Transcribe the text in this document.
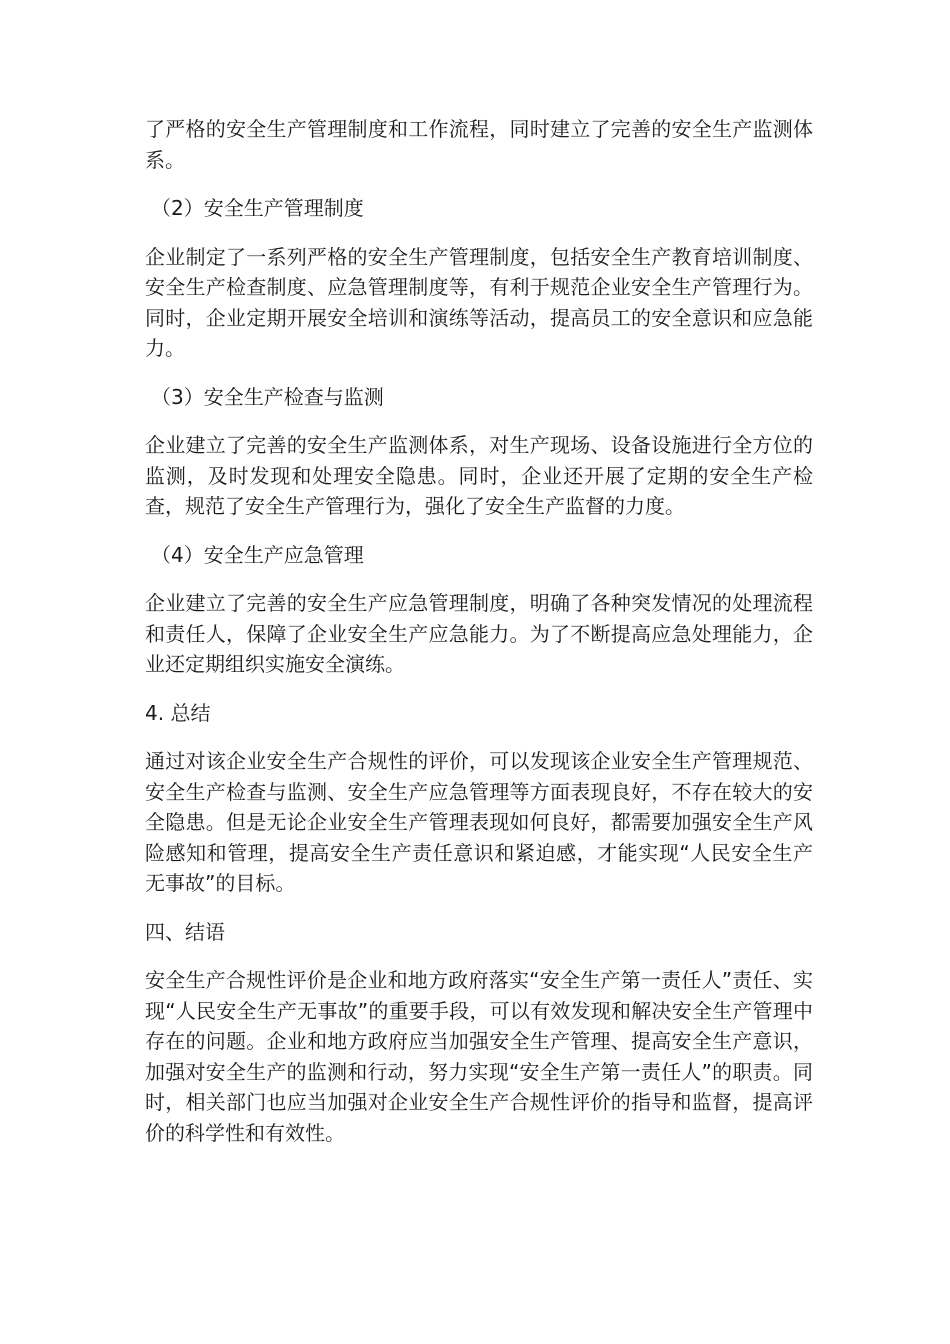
了严格的安全生产管理制度和工作流程，同时建立了完善的安全生产监测体系。

（2）安全生产管理制度

企业制定了一系列严格的安全生产管理制度，包括安全生产教育培训制度、安全生产检查制度、应急管理制度等，有利于规范企业安全生产管理行为。同时，企业定期开展安全培训和演练等活动，提高员工的安全意识和应急能力。

（3）安全生产检查与监测

企业建立了完善的安全生产监测体系，对生产现场、设备设施进行全方位的监测，及时发现和处理安全隐患。同时，企业还开展了定期的安全生产检查，规范了安全生产管理行为，强化了安全生产监督的力度。

（4）安全生产应急管理

企业建立了完善的安全生产应急管理制度，明确了各种突发情况的处理流程和责任人，保障了企业安全生产应急能力。为了不断提高应急处理能力，企业还定期组织实施安全演练。

4. 总结

通过对该企业安全生产合规性的评价，可以发现该企业安全生产管理规范、安全生产检查与监测、安全生产应急管理等方面表现良好，不存在较大的安全隐患。但是无论企业安全生产管理表现如何良好，都需要加强安全生产风险感知和管理，提高安全生产责任意识和紧迫感，才能实现“人民安全生产无事故”的目标。

四、结语

安全生产合规性评价是企业和地方政府落实“安全生产第一责任人”责任、实现“人民安全生产无事故”的重要手段，可以有效发现和解决安全生产管理中存在的问题。企业和地方政府应当加强安全生产管理、提高安全生产意识，加强对安全生产的监测和行动，努力实现“安全生产第一责任人”的职责。同时，相关部门也应当加强对企业安全生产合规性评价的指导和监督，提高评价的科学性和有效性。
